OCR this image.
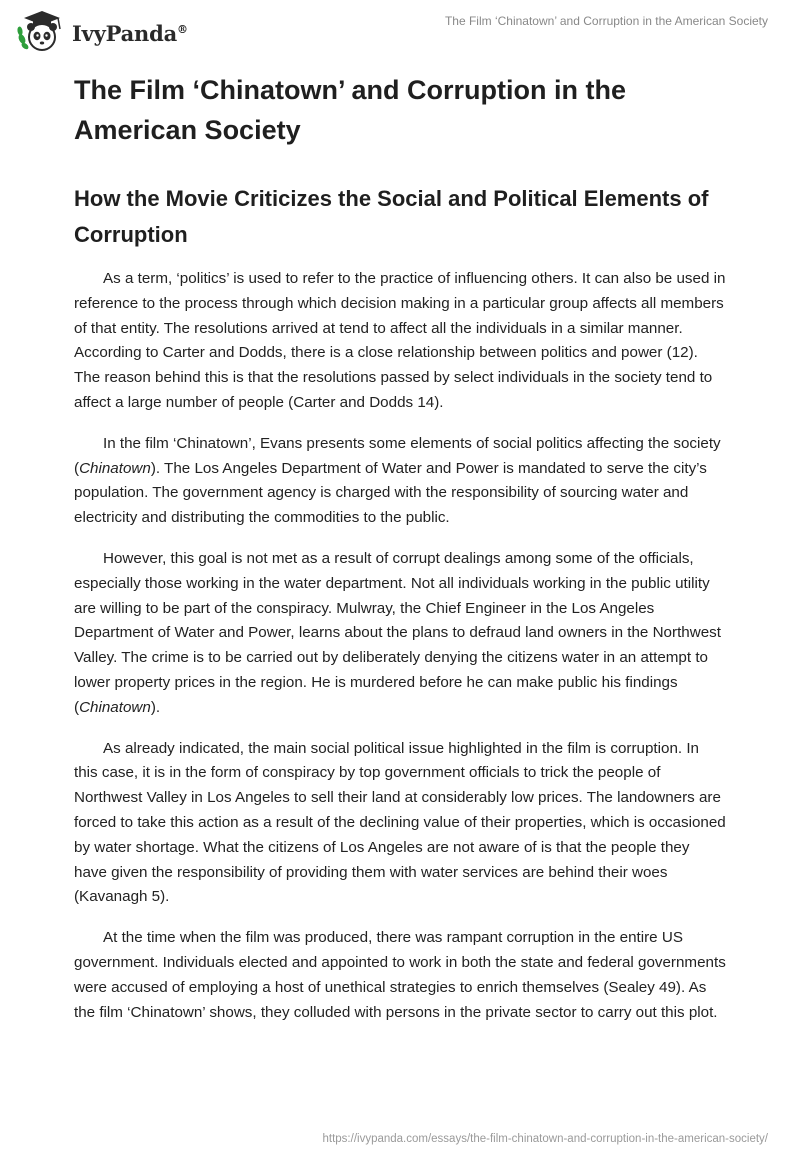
IvyPanda®
The Film ‘Chinatown’ and Corruption in the American Society
The Film ‘Chinatown’ and Corruption in the American Society
How the Movie Criticizes the Social and Political Elements of Corruption

As a term, ‘politics’ is used to refer to the practice of influencing others. It can also be used in reference to the process through which decision making in a particular group affects all members of that entity. The resolutions arrived at tend to affect all the individuals in a similar manner. According to Carter and Dodds, there is a close relationship between politics and power (12). The reason behind this is that the resolutions passed by select individuals in the society tend to affect a large number of people (Carter and Dodds 14).

In the film ‘Chinatown’, Evans presents some elements of social politics affecting the society (Chinatown). The Los Angeles Department of Water and Power is mandated to serve the city’s population. The government agency is charged with the responsibility of sourcing water and electricity and distributing the commodities to the public.

However, this goal is not met as a result of corrupt dealings among some of the officials, especially those working in the water department. Not all individuals working in the public utility are willing to be part of the conspiracy. Mulwray, the Chief Engineer in the Los Angeles Department of Water and Power, learns about the plans to defraud land owners in the Northwest Valley. The crime is to be carried out by deliberately denying the citizens water in an attempt to lower property prices in the region. He is murdered before he can make public his findings (Chinatown).

As already indicated, the main social political issue highlighted in the film is corruption. In this case, it is in the form of conspiracy by top government officials to trick the people of Northwest Valley in Los Angeles to sell their land at considerably low prices. The landowners are forced to take this action as a result of the declining value of their properties, which is occasioned by water shortage. What the citizens of Los Angeles are not aware of is that the people they have given the responsibility of providing them with water services are behind their woes (Kavanagh 5).

At the time when the film was produced, there was rampant corruption in the entire US government. Individuals elected and appointed to work in both the state and federal governments were accused of employing a host of unethical strategies to enrich themselves (Sealey 49). As the film ‘Chinatown’ shows, they colluded with persons in the private sector to carry out this plot.

https://ivypanda.com/essays/the-film-chinatown-and-corruption-in-the-american-society/
